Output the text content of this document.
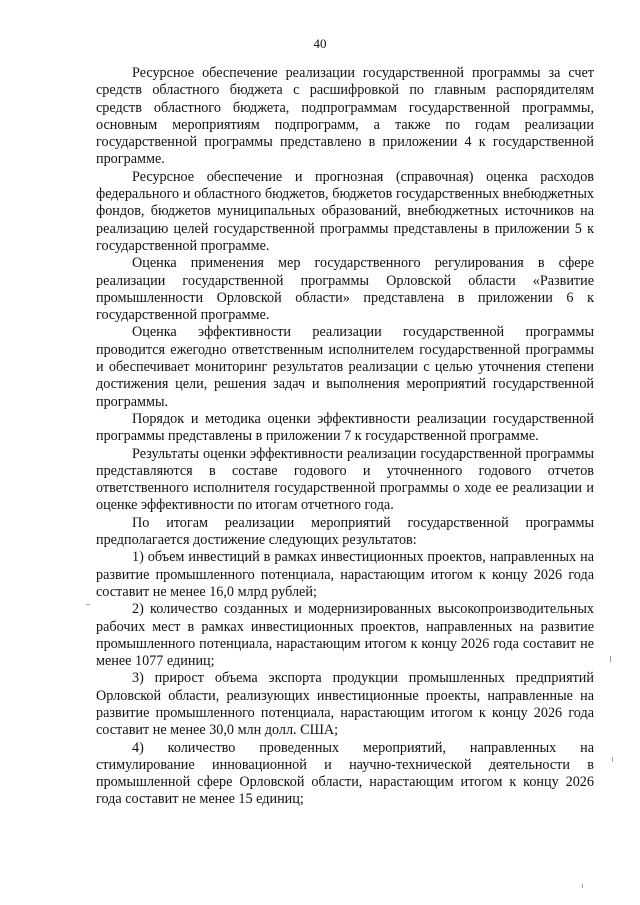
40

Ресурсное обеспечение реализации государственной программы за счет средств областного бюджета с расшифровкой по главным распорядителям средств областного бюджета, подпрограммам государственной программы, основным мероприятиям подпрограмм, а также по годам реализации государственной программы представлено в приложении 4 к государственной программе.

Ресурсное обеспечение и прогнозная (справочная) оценка расходов федерального и областного бюджетов, бюджетов государственных внебюджетных фондов, бюджетов муниципальных образований, внебюджетных источников на реализацию целей государственной программы представлены в приложении 5 к государственной программе.

Оценка применения мер государственного регулирования в сфере реализации государственной программы Орловской области «Развитие промышленности Орловской области» представлена в приложении 6 к государственной программе.

Оценка эффективности реализации государственной программы проводится ежегодно ответственным исполнителем государственной программы и обеспечивает мониторинг результатов реализации с целью уточнения степени достижения цели, решения задач и выполнения мероприятий государственной программы.

Порядок и методика оценки эффективности реализации государственной программы представлены в приложении 7 к государственной программе.

Результаты оценки эффективности реализации государственной программы представляются в составе годового и уточненного годового отчетов ответственного исполнителя государственной программы о ходе ее реализации и оценке эффективности по итогам отчетного года.

По итогам реализации мероприятий государственной программы предполагается достижение следующих результатов:

1) объем инвестиций в рамках инвестиционных проектов, направленных на развитие промышленного потенциала, нарастающим итогом к концу 2026 года составит не менее 16,0 млрд рублей;

2) количество созданных и модернизированных высокопроизводительных рабочих мест в рамках инвестиционных проектов, направленных на развитие промышленного потенциала, нарастающим итогом к концу 2026 года составит не менее 1077 единиц;

3) прирост объема экспорта продукции промышленных предприятий Орловской области, реализующих инвестиционные проекты, направленные на развитие промышленного потенциала, нарастающим итогом к концу 2026 года составит не менее 30,0 млн долл. США;

4) количество проведенных мероприятий, направленных на стимулирование инновационной и научно-технической деятельности в промышленной сфере Орловской области, нарастающим итогом к концу 2026 года составит не менее 15 единиц;
